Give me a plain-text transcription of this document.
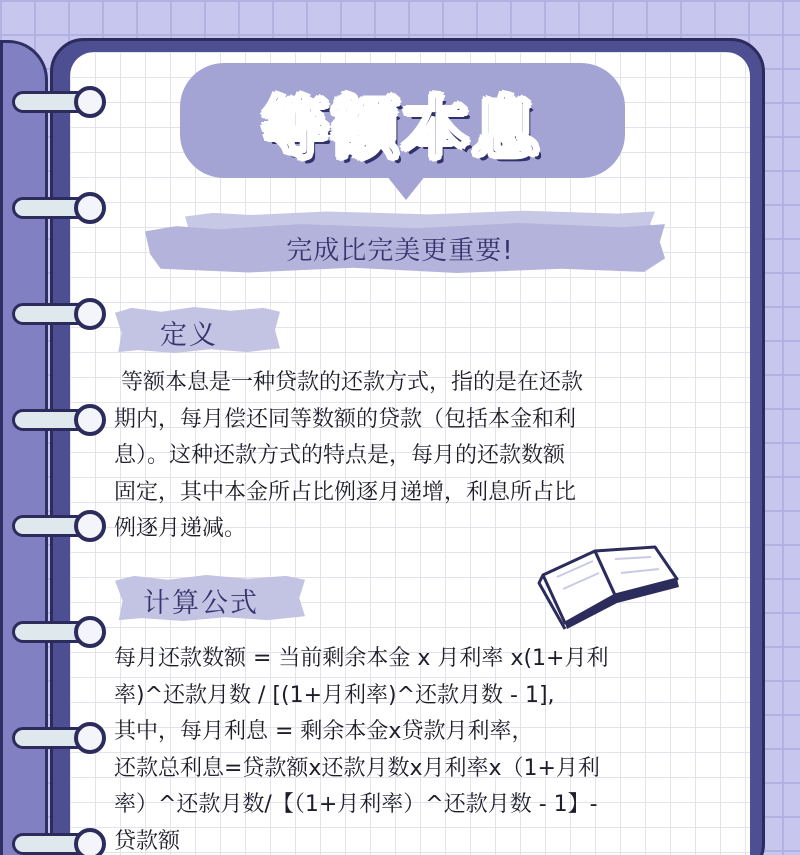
等额本息
完成比完美更重要!
定义
等额本息是一种贷款的还款方式，指的是在还款
期内，每月偿还同等数额的贷款（包括本金和利
息）。这种还款方式的特点是，每月的还款数额
固定，其中本金所占比例逐月递增，利息所占比
例逐月递减。
计算公式
每月还款数额 = 当前剩余本金 x 月利率 x(1+月利
率)^还款月数 / [(1+月利率)^还款月数 - 1],
其中，每月利息 = 剩余本金x贷款月利率，
还款总利息=贷款额x还款月数x月利率x（1+月利
率）^还款月数/【（1+月利率）^还款月数 - 1】-
贷款额
